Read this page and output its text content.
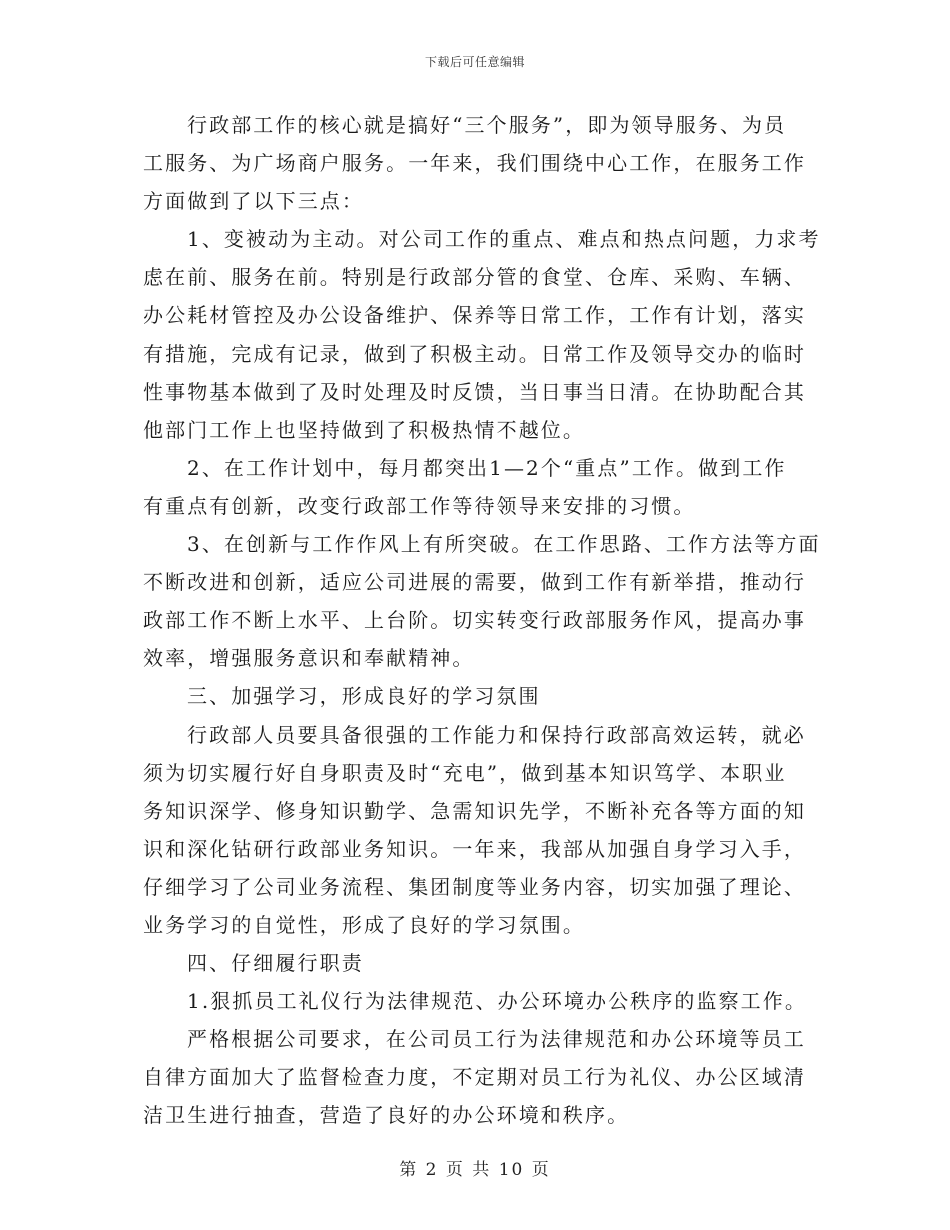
下载后可任意编辑
行政部工作的核心就是搞好“三个服务”，即为领导服务、为员
工服务、为广场商户服务。一年来，我们围绕中心工作，在服务工作
方面做到了以下三点：
1、变被动为主动。对公司工作的重点、难点和热点问题，力求考
虑在前、服务在前。特别是行政部分管的食堂、仓库、采购、车辆、
办公耗材管控及办公设备维护、保养等日常工作，工作有计划，落实
有措施，完成有记录，做到了积极主动。日常工作及领导交办的临时
性事物基本做到了及时处理及时反馈，当日事当日清。在协助配合其
他部门工作上也坚持做到了积极热情不越位。
2、在工作计划中，每月都突出1—2个“重点”工作。做到工作
有重点有创新，改变行政部工作等待领导来安排的习惯。
3、在创新与工作作风上有所突破。在工作思路、工作方法等方面
不断改进和创新，适应公司进展的需要，做到工作有新举措，推动行
政部工作不断上水平、上台阶。切实转变行政部服务作风，提高办事
效率，增强服务意识和奉献精神。
三、加强学习，形成良好的学习氛围
行政部人员要具备很强的工作能力和保持行政部高效运转，就必
须为切实履行好自身职责及时“充电”，做到基本知识笃学、本职业
务知识深学、修身知识勤学、急需知识先学，不断补充各等方面的知
识和深化钻研行政部业务知识。一年来，我部从加强自身学习入手，
仔细学习了公司业务流程、集团制度等业务内容，切实加强了理论、
业务学习的自觉性，形成了良好的学习氛围。
四、仔细履行职责
1.狠抓员工礼仪行为法律规范、办公环境办公秩序的监察工作。
严格根据公司要求，在公司员工行为法律规范和办公环境等员工
自律方面加大了监督检查力度，不定期对员工行为礼仪、办公区域清
洁卫生进行抽查，营造了良好的办公环境和秩序。
第 2 页 共 10 页
